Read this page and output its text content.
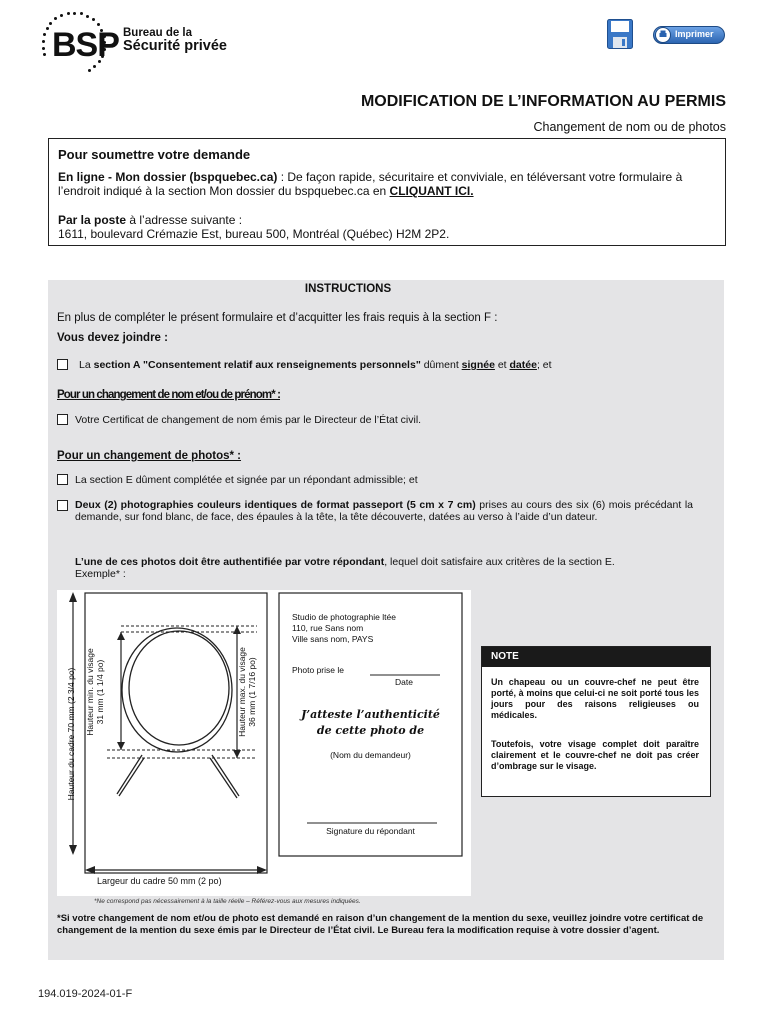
BSP Bureau de la
Sécurité privée
Imprimer
MODIFICATION DE L’INFORMATION AU PERMIS
Changement de nom ou de photos
Pour soumettre votre demande
En ligne - Mon dossier (bspquebec.ca) : De façon rapide, sécuritaire et conviviale, en téléversant votre formulaire à l’endroit indiqué à la section Mon dossier du bspquebec.ca en CLIQUANT ICI.
Par la poste à l’adresse suivante :
1611, boulevard Crémazie Est, bureau 500, Montréal (Québec) H2M 2P2.
INSTRUCTIONS
En plus de compléter le présent formulaire et d’acquitter les frais requis à la section F :
Vous devez joindre :
La section A "Consentement relatif aux renseignements personnels" dûment signée et datée; et
Pour un changement de nom et/ou de prénom* :
Votre Certificat de changement de nom émis par le Directeur de l’État civil.
Pour un changement de photos* :
La section E dûment complétée et signée par un répondant admissible; et
Deux (2) photographies couleurs identiques de format passeport (5 cm x 7 cm) prises au cours des six (6) mois précédant la demande, sur fond blanc, de face, des épaules à la tête, la tête découverte, datées au verso à l’aide d’un dateur.
L’une de ces photos doit être authentifiée par votre répondant, lequel doit satisfaire aux critères de la section E.
Exemple* :
Hauteur du cadre 70 mm (2 3/4 po) Hauteur min. du visage 31 mm (1 1/4 po)	Hauteur max. du visage 36 mm (1 7/16 po)
Largeur du cadre 50 mm (2 po)
Studio de photographie ltée
110, rue Sans nom
Ville sans nom, PAYS
Photo prise le
Date
J’atteste l’authenticité
de cette photo de
(Nom du demandeur)
Signature du répondant
*Ne correspond pas nécessairement à la taille réelle – Référez-vous aux mesures indiquées.
NOTE
Un chapeau ou un couvre-chef ne peut être porté, à moins que celui-ci ne soit porté tous les jours pour des raisons religieuses ou médicales.
Toutefois, votre visage complet doit paraître clairement et le couvre-chef ne doit pas créer d’ombrage sur le visage.
*Si votre changement de nom et/ou de photo est demandé en raison d’un changement de la mention du sexe, veuillez joindre votre certificat de changement de la mention du sexe émis par le Directeur de l’État civil. Le Bureau fera la modification requise à votre dossier d’agent.
194.019-2024-01-F
